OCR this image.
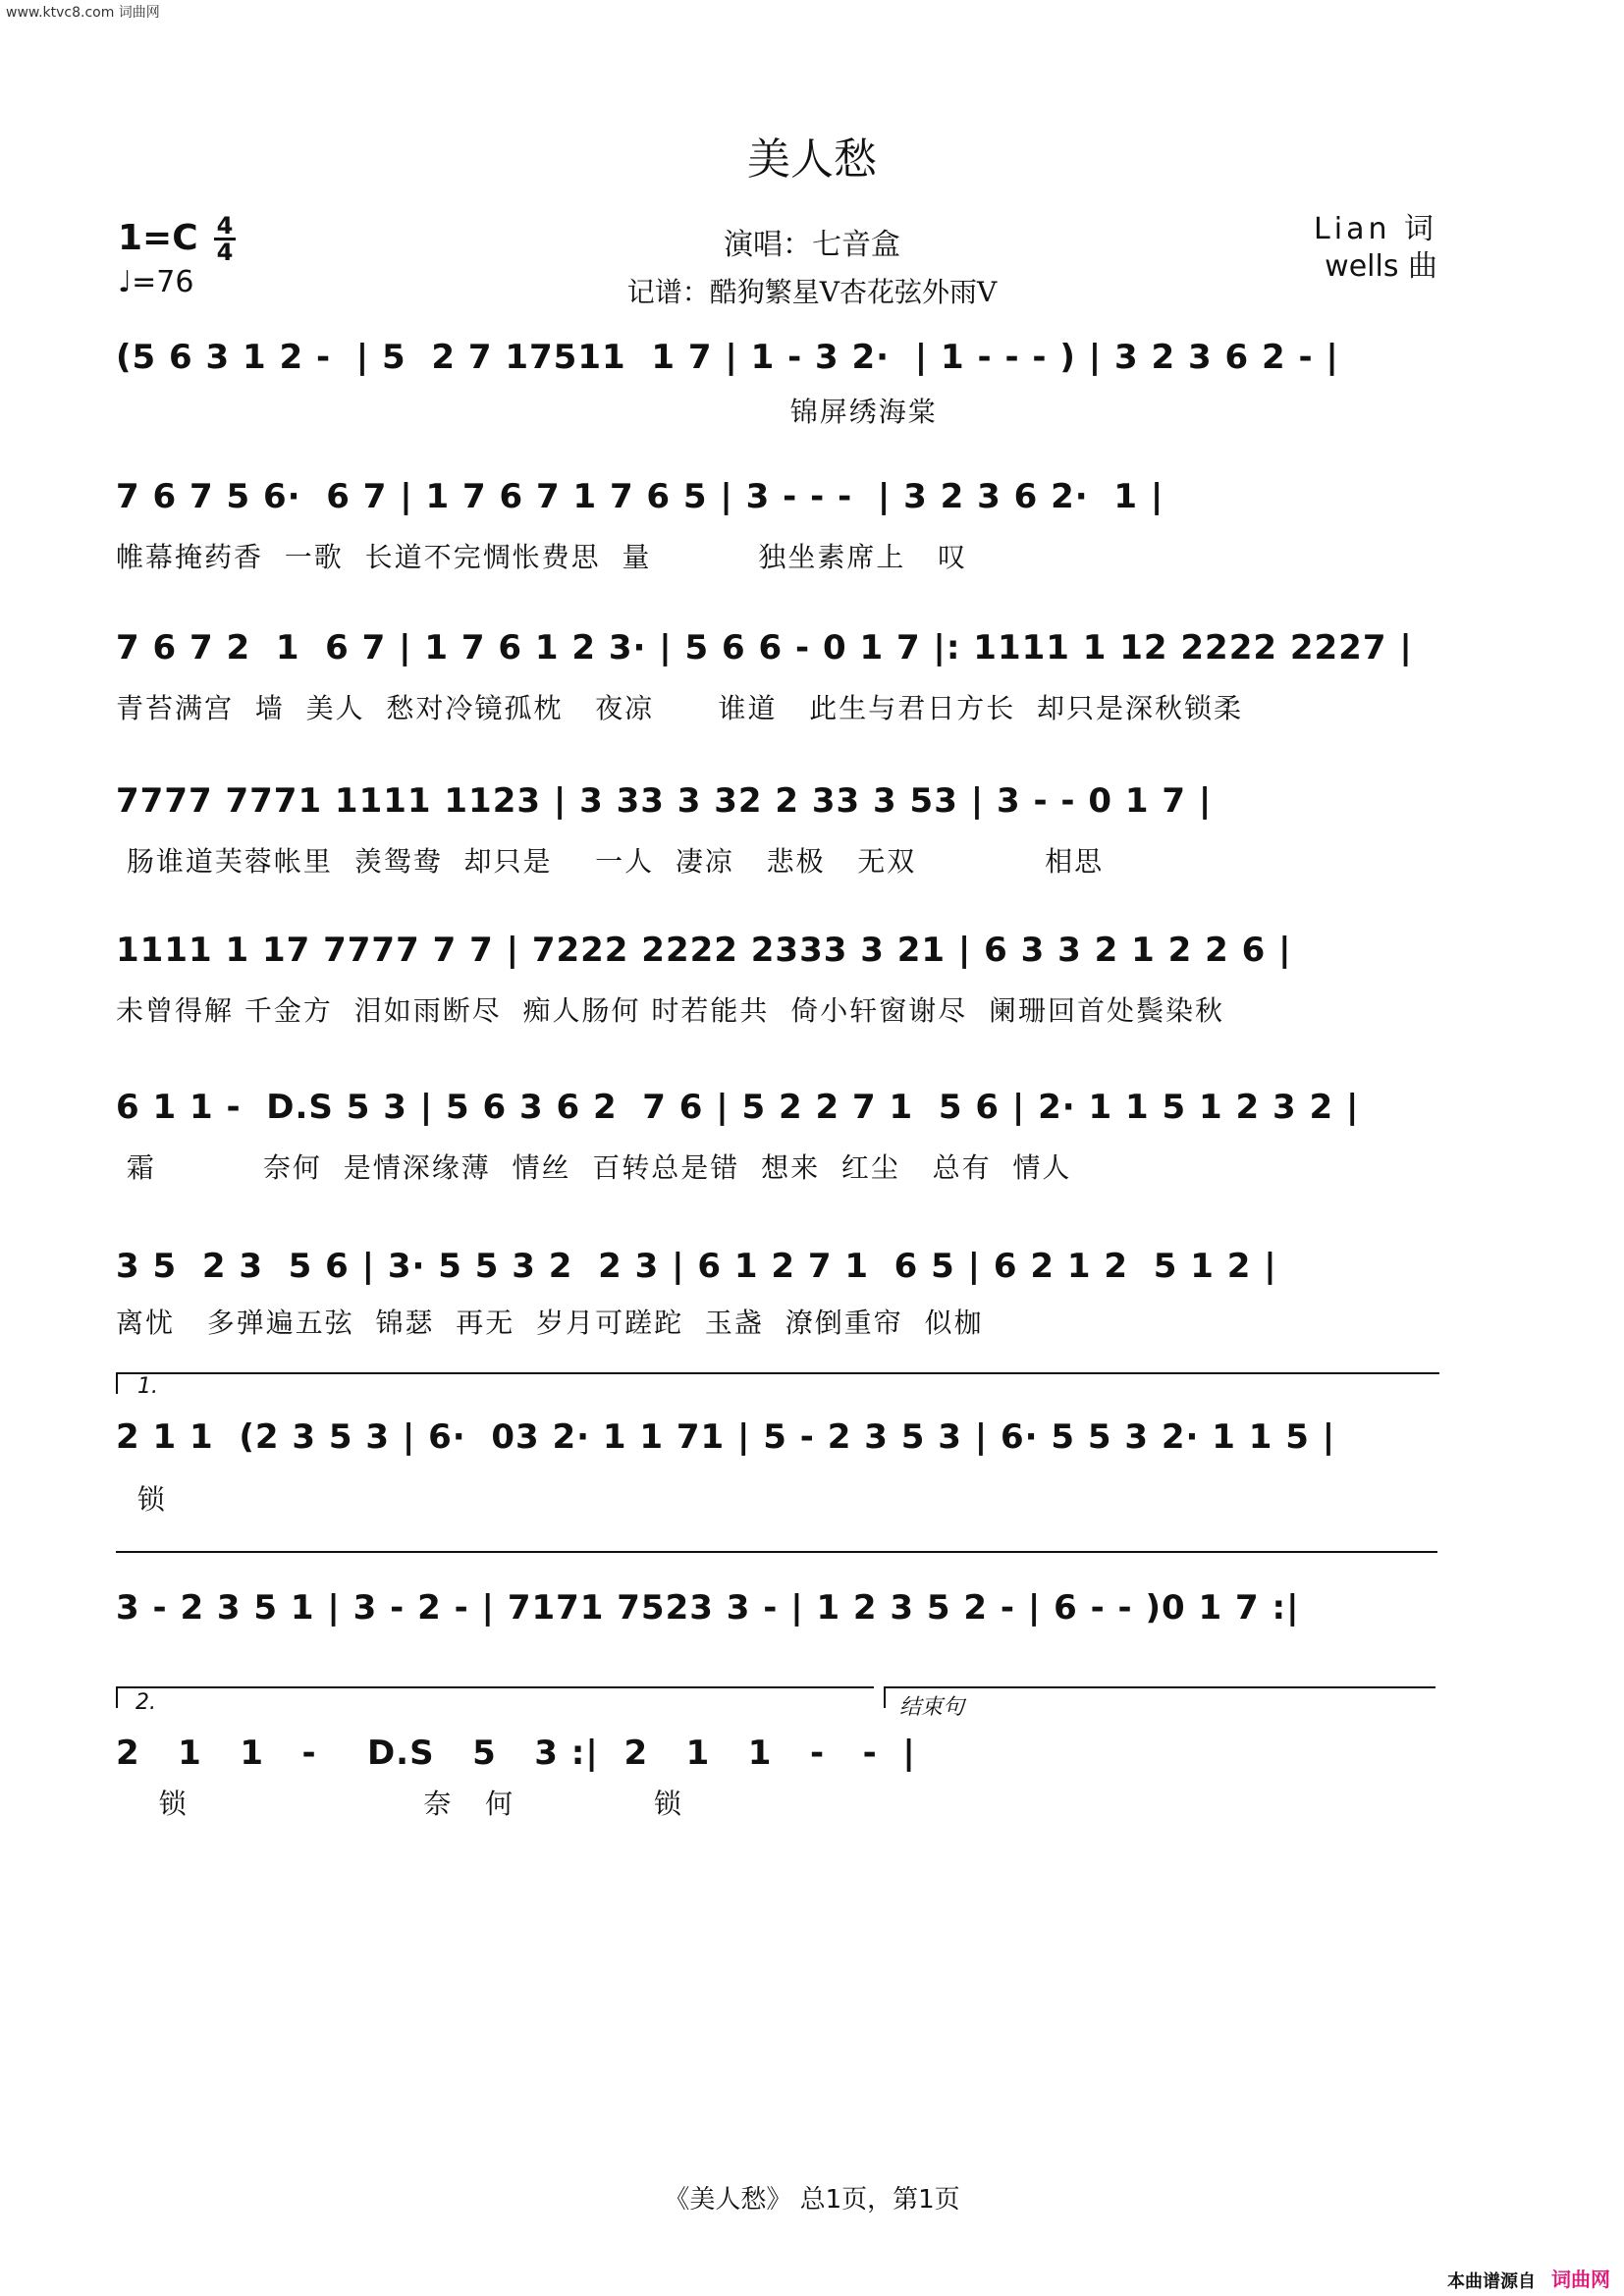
www.ktvc8.com 词曲网
美人愁
1=C 4
4
♩=76
演唱：七音盒
记谱：酷狗繁星V杏花弦外雨V
Lian 词
wells 曲
(5 6 3 1 2 -  | 5  2 7 17511  1 7 | 1 - 3 2·  | 1 - - - ) | 3 2 3 6 2 - |
锦屏绣海棠
7 6 7 5 6·  6 7 | 1 7 6 7 1 7 6 5 | 3 - - -  | 3 2 3 6 2·  1 |
帷幕掩药香  一歌  长道不完惆怅费思  量          独坐素席上   叹
7 6 7 2  1  6 7 | 1 7 6 1 2 3· | 5 6 6 - 0 1 7 |: 1111 1 12 2222 2227 |
青苔满宫  墙  美人  愁对冷镜孤枕   夜凉      谁道   此生与君日方长  却只是深秋锁柔
7777 7771 1111 1123 | 3 33 3 32 2 33 3 53 | 3 - - 0 1 7 |
肠谁道芙蓉帐里  羡鸳鸯  却只是    一人  凄凉   悲极   无双            相思
1111 1 17 7777 7 7 | 7222 2222 2333 3 21 | 6 3 3 2 1 2 2 6 |
未曾得解 千金方  泪如雨断尽  痴人肠何 时若能共  倚小轩窗谢尽  阑珊回首处鬓染秋
6 1 1 -  D.S 5 3 | 5 6 3 6 2  7 6 | 5 2 2 7 1  5 6 | 2· 1 1 5 1 2 3 2 |
霜          奈何  是情深缘薄  情丝  百转总是错  想来  红尘   总有  情人
3 5  2 3  5 6 | 3· 5 5 3 2  2 3 | 6 1 2 7 1  6 5 | 6 2 1 2  5 1 2 |
离忧   多弹遍五弦  锦瑟  再无  岁月可蹉跎  玉盏  潦倒重帘  似枷
1.
2 1 1  (2 3 5 3 | 6·  03 2· 1 1 71 | 5 - 2 3 5 3 | 6· 5 5 3 2· 1 1 5 |
锁
3 - 2 3 5 1 | 3 - 2 - | 7171 7523 3 - | 1 2 3 5 2 - | 6 - - )0 1 7 :|
2.	结束句
2   1   1   -    D.S   5   3 :|  2   1   1   -   -  |
锁                      奈   何             锁
《美人愁》 总1页，第1页
本曲谱源自 词曲网
